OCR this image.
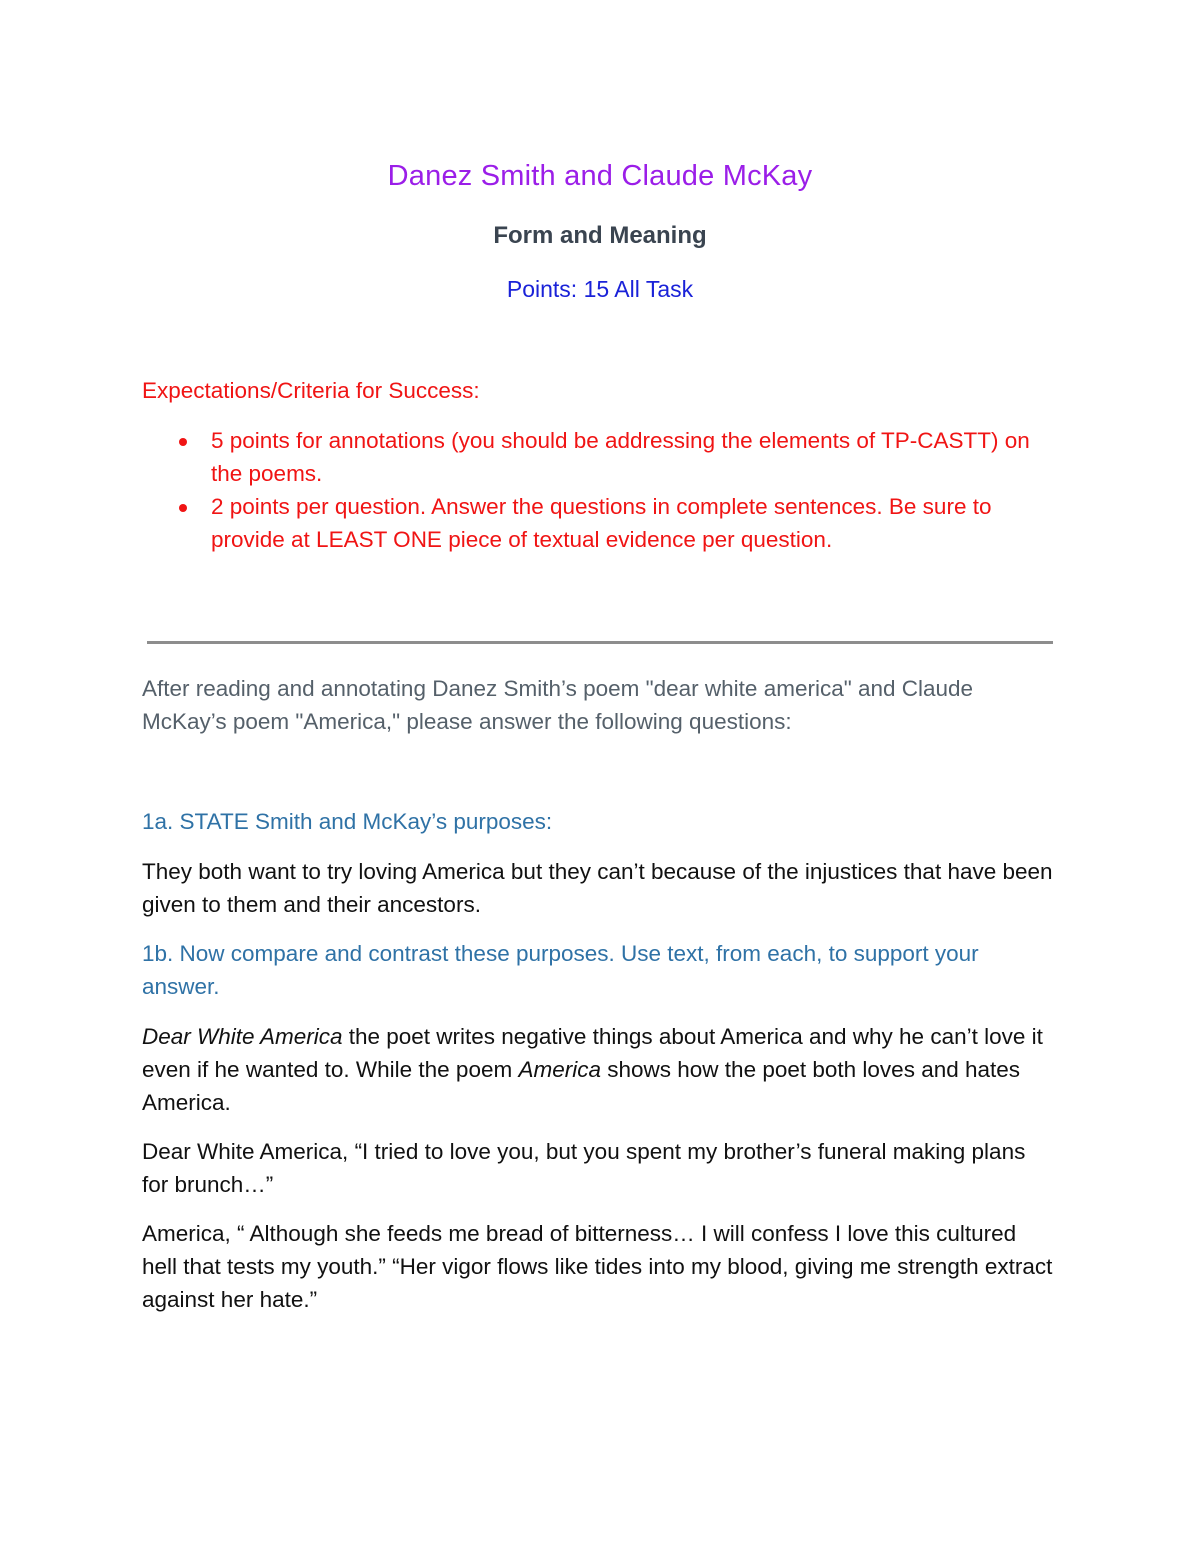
Danez Smith and Claude McKay
Form and Meaning
Points: 15 All Task

Expectations/Criteria for Success:

5 points for annotations (you should be addressing the elements of TP-CASTT) on the poems.
2 points per question. Answer the questions in complete sentences. Be sure to provide at LEAST ONE piece of textual evidence per question.

After reading and annotating Danez Smith’s poem "dear white america" and Claude McKay’s poem "America," please answer the following questions:

1a. STATE Smith and McKay’s purposes:

They both want to try loving America but they can’t because of the injustices that have been given to them and their ancestors.

1b. Now compare and contrast these purposes. Use text, from each, to support your answer.

Dear White America the poet writes negative things about America and why he can’t love it even if he wanted to. While the poem America shows how the poet both loves and hates America.

Dear White America, “I tried to love you, but you spent my brother’s funeral making plans for brunch…”

America, “ Although she feeds me bread of bitterness… I will confess I love this cultured hell that tests my youth.” “Her vigor flows like tides into my blood, giving me strength extract against her hate.”
